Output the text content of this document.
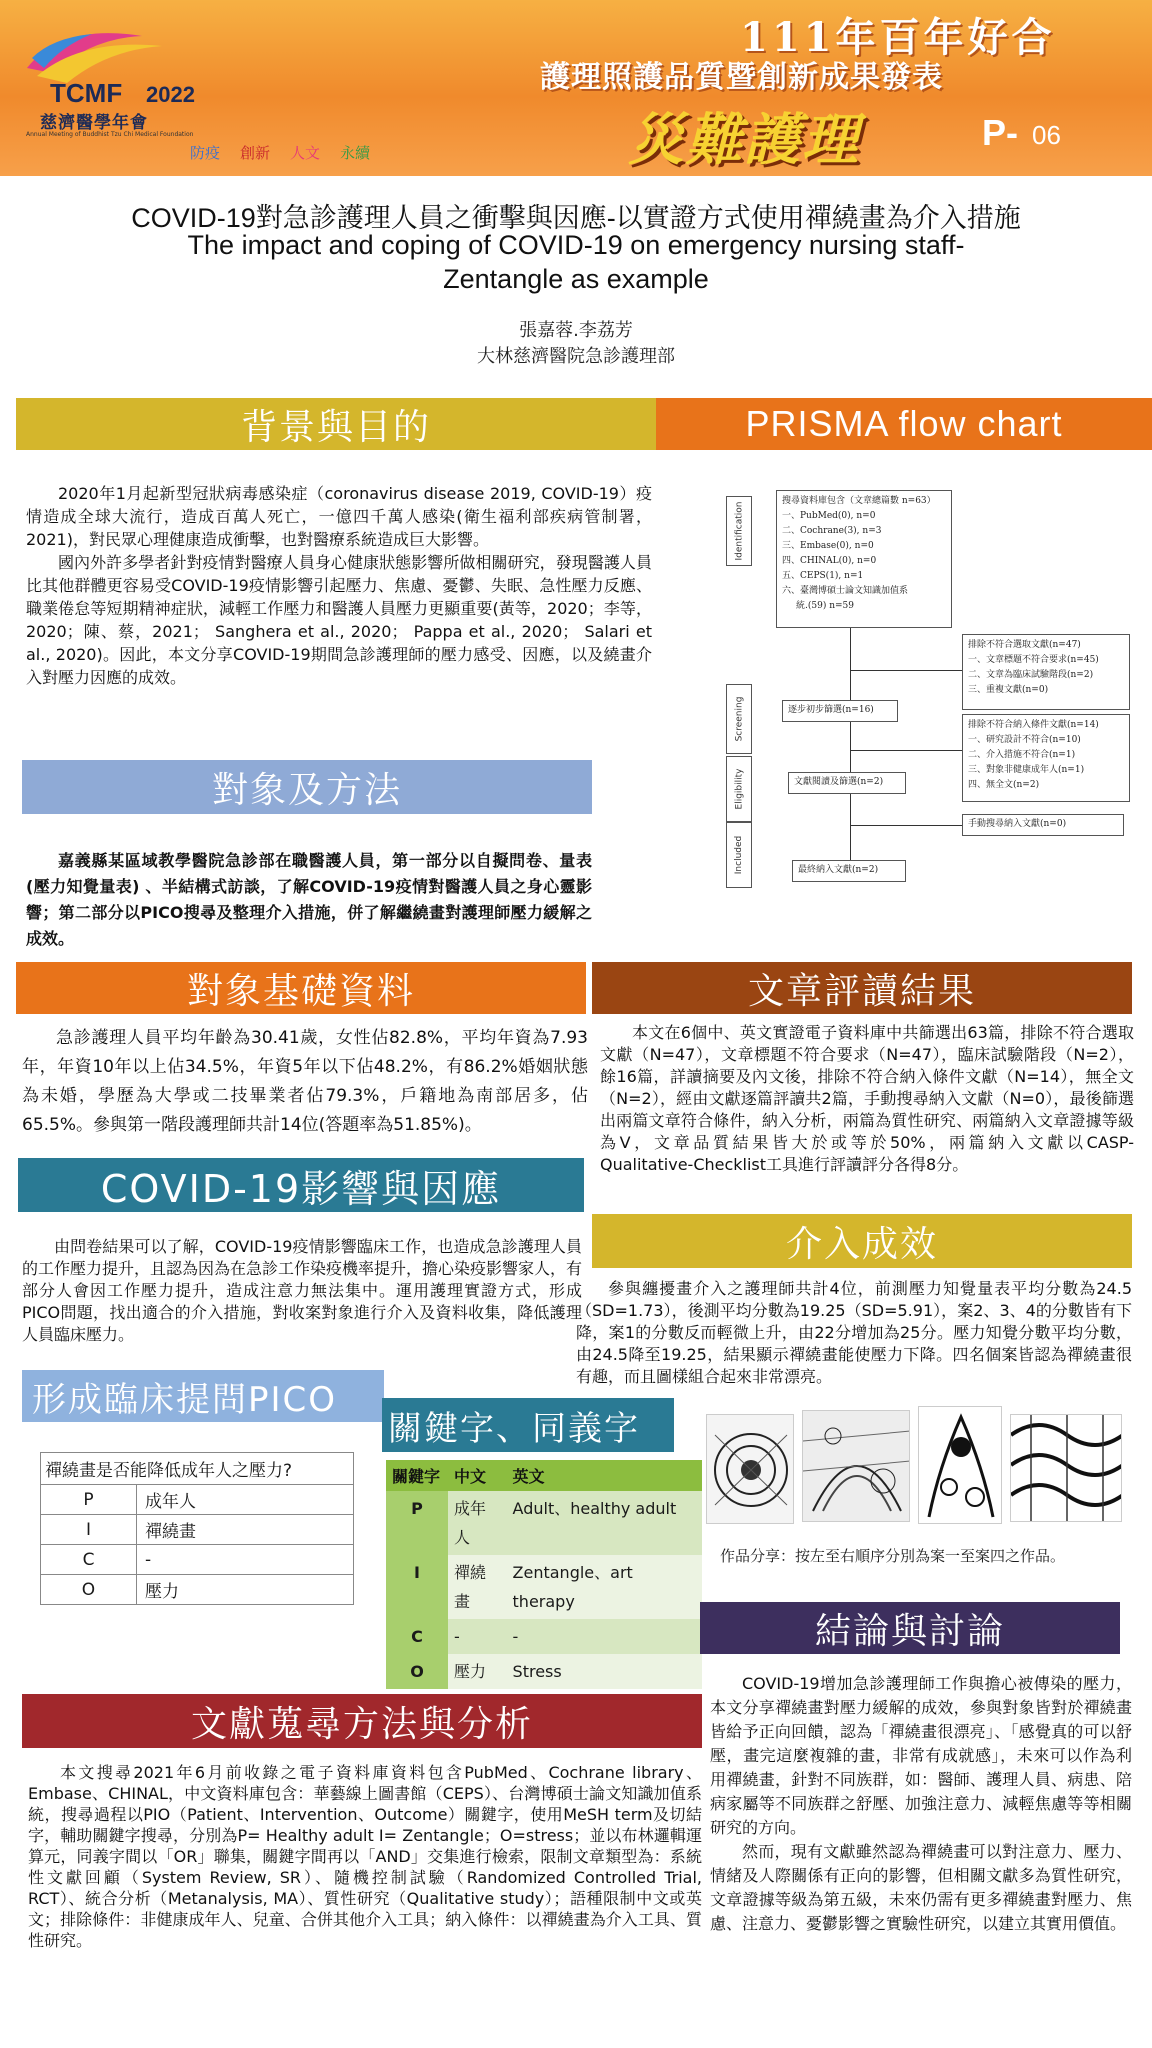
TCMF 2022
慈濟醫學年會
Annual Meeting of Buddhist Tzu Chi Medical Foundation
防疫 創新 人文 永續
111年百年好合
護理照護品質暨創新成果發表
災難護理	P- 06
COVID-19對急診護理人員之衝擊與因應-以實證方式使用禪繞畫為介入措施
The impact and coping of COVID-19 on emergency nursing staff-
Zentangle as example
張嘉蓉.李荔芳
大林慈濟醫院急診護理部
背景與目的

2020年1月起新型冠狀病毒感染症（coronavirus disease 2019, COVID-19）疫情造成全球大流行，造成百萬人死亡，一億四千萬人感染(衛生福利部疾病管制署，2021)，對民眾心理健康造成衝擊，也對醫療系統造成巨大影響。

國內外許多學者針對疫情對醫療人員身心健康狀態影響所做相關研究，發現醫護人員比其他群體更容易受COVID-19疫情影響引起壓力、焦慮、憂鬱、失眠、急性壓力反應、職業倦怠等短期精神症狀，減輕工作壓力和醫護人員壓力更顯重要(黃等，2020；李等，2020；陳、蔡，2021； Sanghera et al., 2020； Pappa et al., 2020； Salari et al., 2020)。因此，本文分享COVID-19期間急診護理師的壓力感受、因應，以及繞畫介入對壓力因應的成效。

PRISMA flow chart
Identification
Screening
Eligibility
Included
搜尋資料庫包含（文章總篇數 n=63）
一、PubMed(0), n=0
二、Cochrane(3), n=3
三、Embase(0), n=0
四、CHINAL(0), n=0
五、CEPS(1), n=1
六、臺灣博碩士論文知識加值系
統.(59) n=59
排除不符合選取文獻(n=47)
一、文章標題不符合要求(n=45)
二、文章為臨床試驗階段(n=2)
三、重複文獻(n=0)
逐步初步篩選(n=16)
排除不符合納入條件文獻(n=14)
一、研究設計不符合(n=10)
二、介入措施不符合(n=1)
三、對象非健康成年人(n=1)
四、無全文(n=2)
文獻閱讀及篩選(n=2)
手動搜尋納入文獻(n=0)
最終納入文獻(n=2)
對象及方法

嘉義縣某區域教學醫院急診部在職醫護人員，第一部分以自擬問卷、量表(壓力知覺量表) 、半結構式訪談，了解COVID-19疫情對醫護人員之身心靈影響；第二部分以PICO搜尋及整理介入措施，併了解繼繞畫對護理師壓力緩解之成效。

對象基礎資料

急診護理人員平均年齡為30.41歲，女性佔82.8%，平均年資為7.93年，年資10年以上佔34.5%，年資5年以下佔48.2%，有86.2%婚姻狀態為未婚，學歷為大學或二技畢業者佔79.3%，戶籍地為南部居多，佔65.5%。參與第一階段護理師共計14位(答題率為51.85%)。

文章評讀結果

本文在6個中、英文實證電子資料庫中共篩選出63篇，排除不符合選取文獻（N=47），文章標題不符合要求（N=47），臨床試驗階段（N=2），餘16篇，詳讀摘要及內文後，排除不符合納入條件文獻（N=14），無全文（N=2），經由文獻逐篇評讀共2篇，手動搜尋納入文獻（N=0），最後篩選出兩篇文章符合條件，納入分析，兩篇為質性研究、兩篇納入文章證據等級為V，文章品質結果皆大於或等於50%，兩篇納入文獻以CASP-Qualitative-Checklist工具進行評讀評分各得8分。

COVID-19影響與因應

由問卷結果可以了解，COVID-19疫情影響臨床工作，也造成急診護理人員的工作壓力提升，且認為因為在急診工作染疫機率提升，擔心染疫影響家人，有部分人會因工作壓力提升，造成注意力無法集中。運用護理實證方式，形成PICO問題，找出適合的介入措施，對收案對象進行介入及資料收集，降低護理人員臨床壓力。

介入成效

參與纏擾畫介入之護理師共計4位，前測壓力知覺量表平均分數為24.5（SD=1.73），後測平均分數為19.25（SD=5.91），案2、3、4的分數皆有下降，案1的分數反而輕微上升，由22分增加為25分。壓力知覺分數平均分數，由24.5降至19.25，結果顯示禪繞畫能使壓力下降。四名個案皆認為禪繞畫很有趣，而且圖樣組合起來非常漂亮。

作品分享：按左至右順序分別為案一至案四之作品。
形成臨床提問PICO
禪繞畫是否能降低成年人之壓力?
P	成年人
I	禪繞畫
C	-
O	壓力
關鍵字、同義字
關鍵字	中文	英文
P	成年人	Adult、healthy adult
I	禪繞畫	Zentangle、art therapy
C	-	-
O	壓力	Stress
結論與討論

COVID-19增加急診護理師工作與擔心被傳染的壓力，本文分享禪繞畫對壓力緩解的成效，參與對象皆對於禪繞畫皆給予正向回饋，認為「禪繞畫很漂亮」、「感覺真的可以舒壓，畫完這麼複雜的畫，非常有成就感」，未來可以作為利用禪繞畫，針對不同族群，如：醫師、護理人員、病患、陪病家屬等不同族群之舒壓、加強注意力、減輕焦慮等等相關研究的方向。

然而，現有文獻雖然認為禪繞畫可以對注意力、壓力、情緒及人際關係有正向的影響，但相關文獻多為質性研究，文章證據等級為第五級，未來仍需有更多禪繞畫對壓力、焦慮、注意力、憂鬱影響之實驗性研究，以建立其實用價值。

文獻蒐尋方法與分析

本文搜尋2021年6月前收錄之電子資料庫資料包含PubMed、Cochrane library、Embase、CHINAL，中文資料庫包含：華藝線上圖書館（CEPS）、台灣博碩士論文知識加值系統，搜尋過程以PIO（Patient、Intervention、Outcome）關鍵字，使用MeSH term及切結字，輔助關鍵字搜尋，分別為P= Healthy adult I= Zentangle；O=stress；並以布林邏輯運算元，同義字間以「OR」聯集，關鍵字間再以「AND」交集進行檢索，限制文章類型為：系統性文獻回顧（System Review, SR）、隨機控制試驗（Randomized Controlled Trial, RCT）、統合分析（Metanalysis, MA）、質性研究（Qualitative study）；語種限制中文或英文；排除條件：非健康成年人、兒童、合併其他介入工具；納入條件：以禪繞畫為介入工具、質性研究。
